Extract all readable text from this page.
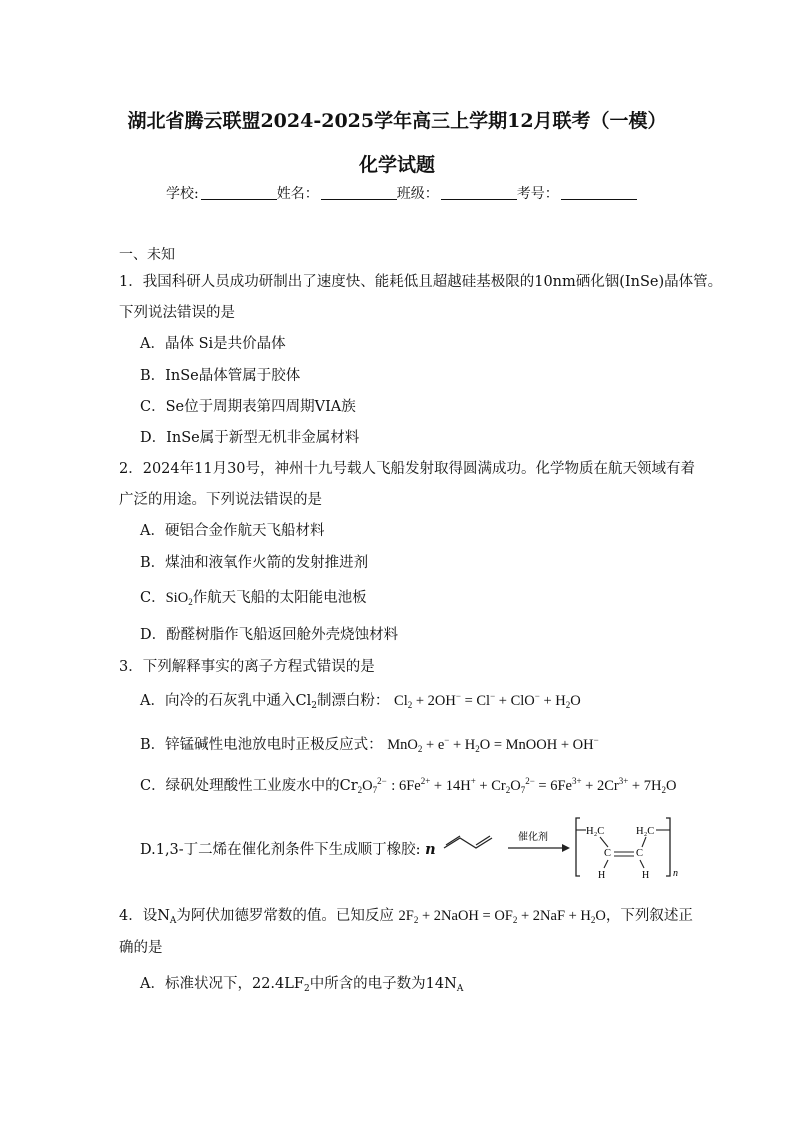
湖北省腾云联盟2024-2025学年高三上学期12月联考（一模）
化学试题
学校:	姓名：	班级：	考号：
一、未知
1．我国科研人员成功研制出了速度快、能耗低且超越硅基极限的10nm硒化铟(InSe)晶体管。
下列说法错误的是
A．晶体 Si是共价晶体
B．InSe晶体管属于胶体
C．Se位于周期表第四周期VIA族
D．InSe属于新型无机非金属材料
2．2024年11月30号，神州十九号载人飞船发射取得圆满成功。化学物质在航天领域有着
广泛的用途。下列说法错误的是
A．硬铝合金作航天飞船材料
B．煤油和液氧作火箭的发射推进剂
C．SiO$_2$作航天飞船的太阳能电池板
D．酚醛树脂作飞船返回舱外壳烧蚀材料
3．下列解释事实的离子方程式错误的是
A．向冷的石灰乳中通入$Cl_2$制漂白粉： $Cl_2 + 2OH^- = Cl^- + ClO^- + H_2O$
B．锌锰碱性电池放电时正极反应式： $MnO_2 + e^- + H_2O$ = MnOOH + OH−
C．绿矾处理酸性工业废水中的$Cr_2O_7^{2-}$ : $6Fe^{2+} + 14H^+ + Cr_2O_7^{2-} = 6Fe^{3+} + 2Cr^{3+} + 7H_2O$
D.1,3-丁二烯在催化剂条件下生成顺丁橡胶: n
催化剂
H₂C
C C
H	H
H₂C
n
4．设$N_A$为阿伏加德罗常数的值。已知反应 $2F_2$ + 2NaOH = $OF_2 + 2NaF + H_2O$，下列叙述正
确的是
A．标准状况下，$22.4LF_2$中所含的电子数为$14N_A$
